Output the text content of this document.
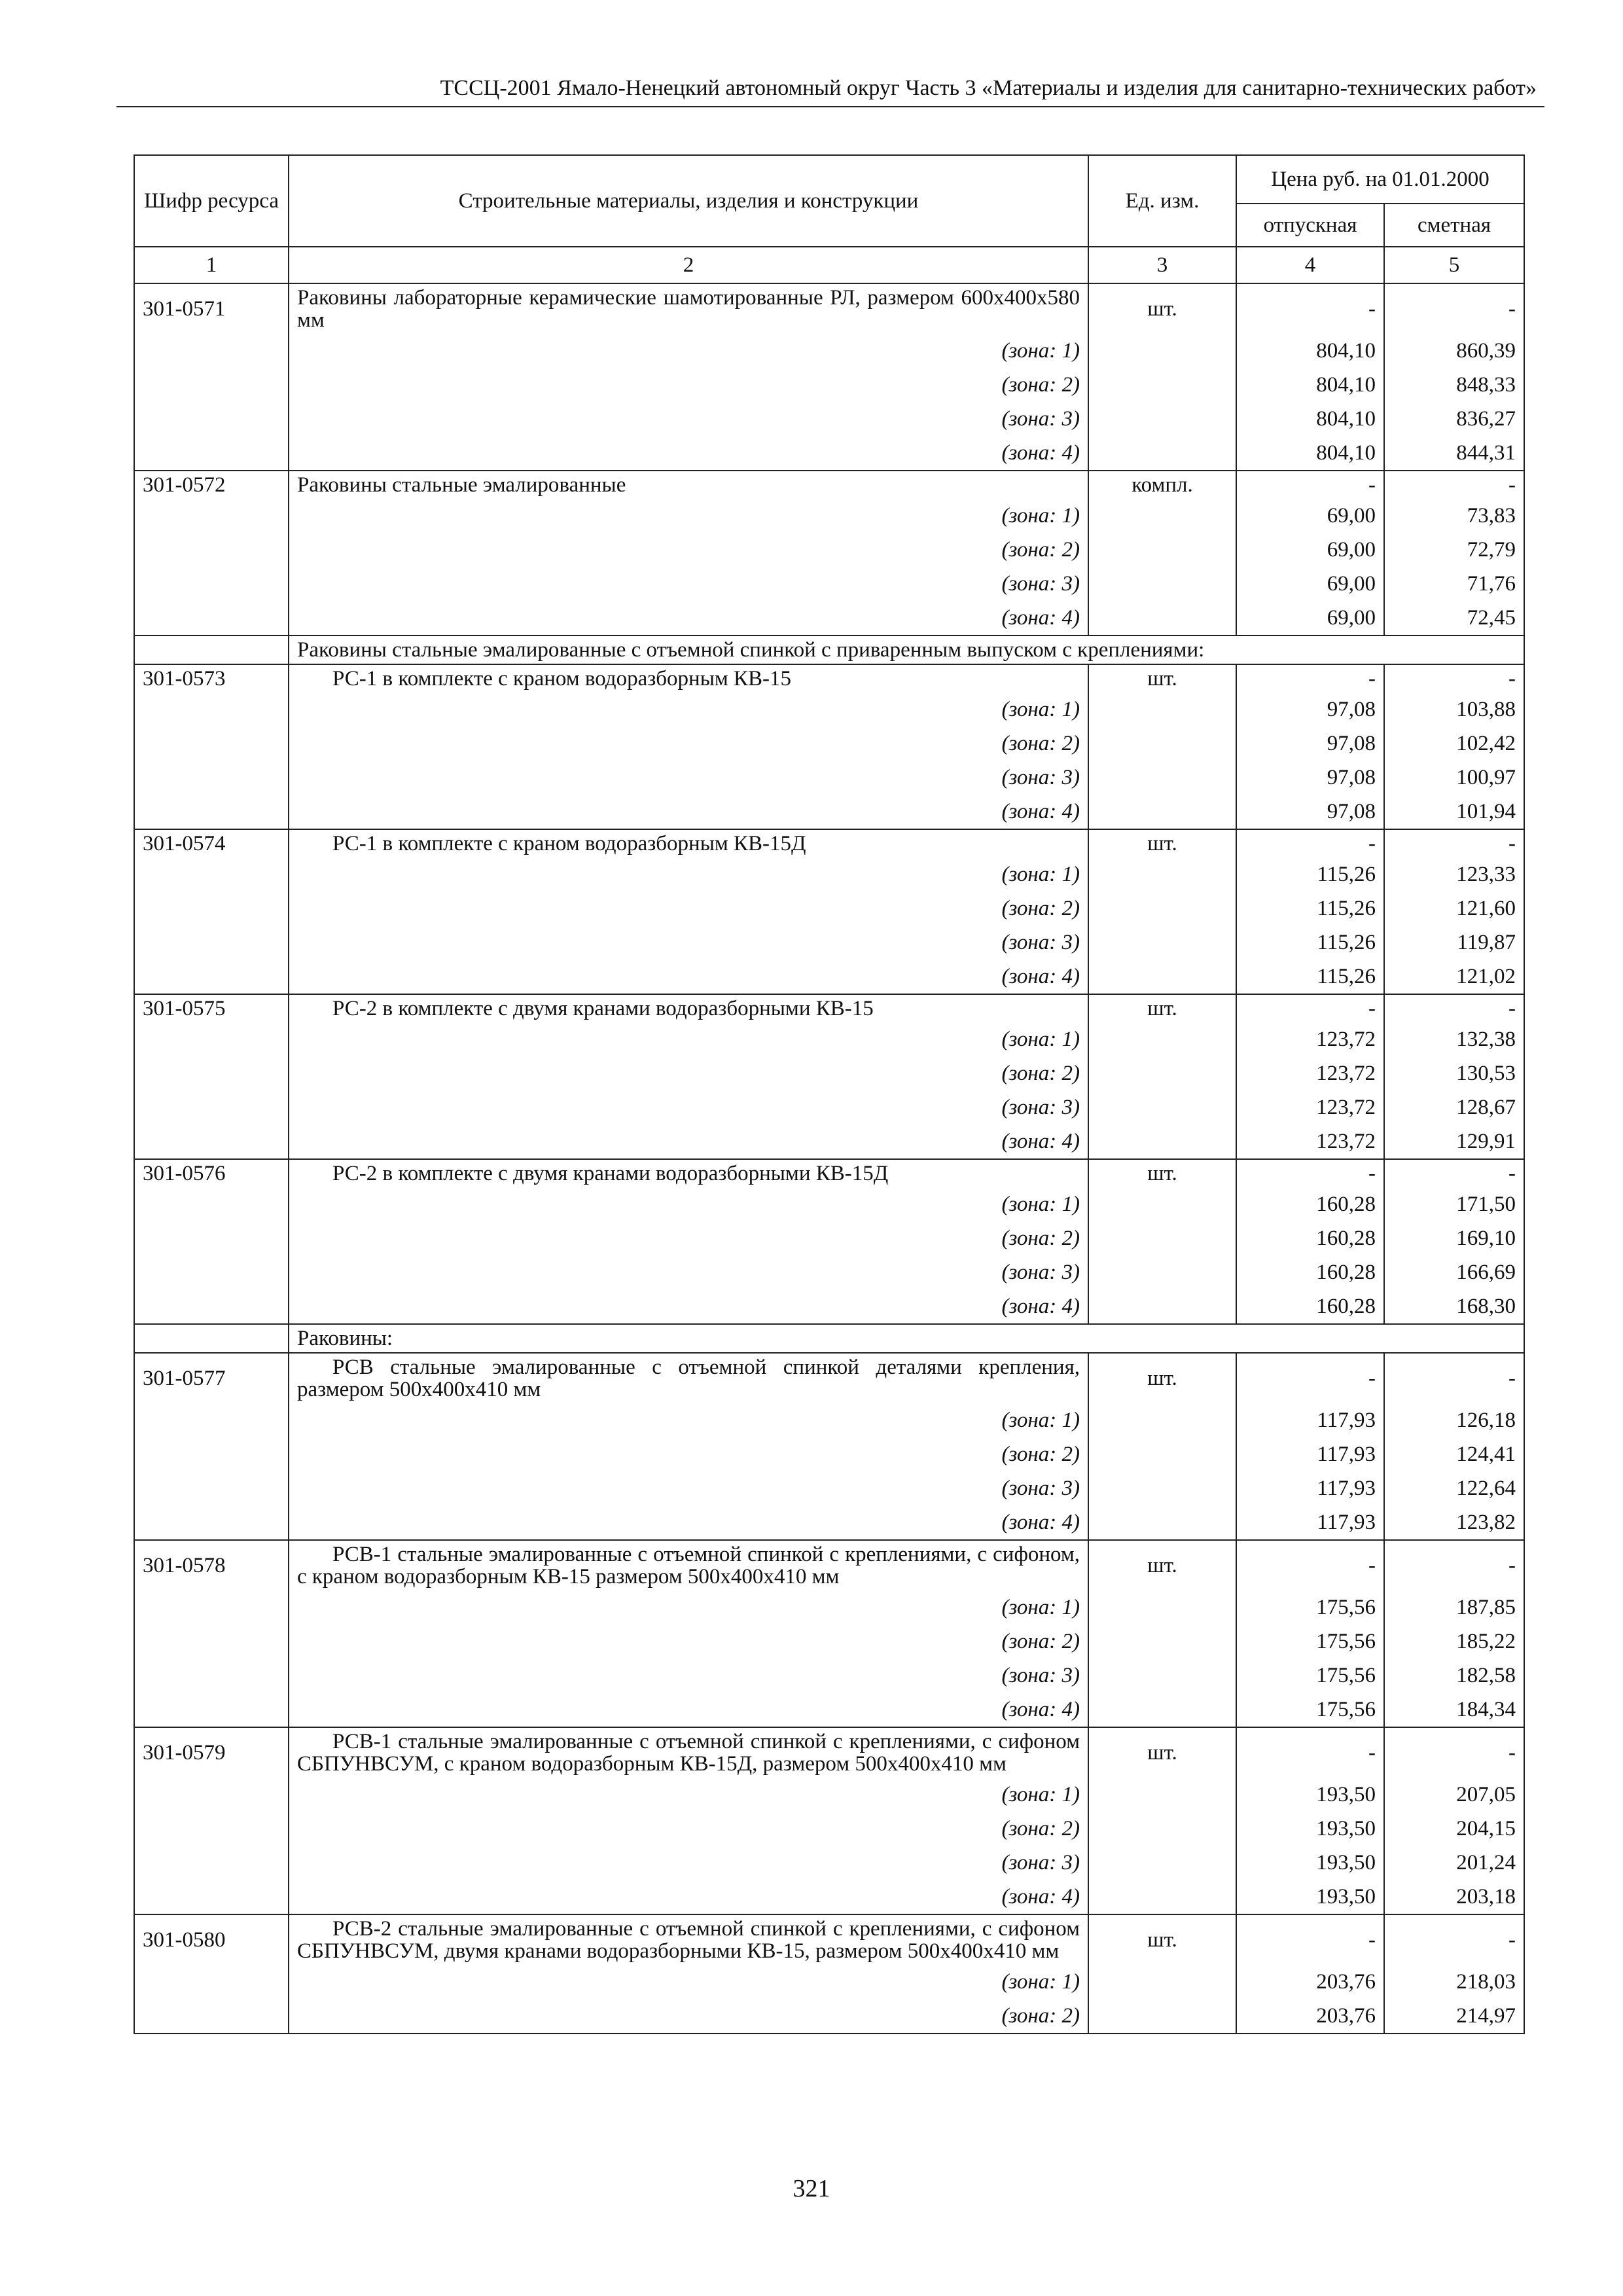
ТССЦ-2001 Ямало-Ненецкий автономный округ Часть 3 «Материалы и изделия для санитарно-технических работ»
Шифр ресурса	Строительные материалы, изделия и конструкции	Ед. изм.	Цена руб. на 01.01.2000	
			отпускная	сметная
1	2	3	4	5
301-0571	Раковины лабораторные керамические шамотированные РЛ, размером 600х400х580 мм	шт.	-	-
	(зона: 1)		804,10	860,39
	(зона: 2)		804,10	848,33
	(зона: 3)		804,10	836,27
	(зона: 4)		804,10	844,31
301-0572	Раковины стальные эмалированные	компл.	-	-
	(зона: 1)		69,00	73,83
	(зона: 2)		69,00	72,79
	(зона: 3)		69,00	71,76
	(зона: 4)		69,00	72,45
	Раковины стальные эмалированные с отъемной спинкой с приваренным выпуском с креплениями:			
301-0573	РС-1 в комплекте с краном водоразборным КВ-15	шт.	-	-
	(зона: 1)		97,08	103,88
	(зона: 2)		97,08	102,42
	(зона: 3)		97,08	100,97
	(зона: 4)		97,08	101,94
301-0574	РС-1 в комплекте с краном водоразборным КВ-15Д	шт.	-	-
	(зона: 1)		115,26	123,33
	(зона: 2)		115,26	121,60
	(зона: 3)		115,26	119,87
	(зона: 4)		115,26	121,02
301-0575	РС-2 в комплекте с двумя кранами водоразборными КВ-15	шт.	-	-
	(зона: 1)		123,72	132,38
	(зона: 2)		123,72	130,53
	(зона: 3)		123,72	128,67
	(зона: 4)		123,72	129,91
301-0576	РС-2 в комплекте с двумя кранами водоразборными КВ-15Д	шт.	-	-
	(зона: 1)		160,28	171,50
	(зона: 2)		160,28	169,10
	(зона: 3)		160,28	166,69
	(зона: 4)		160,28	168,30
	Раковины:			
301-0577	РСВ стальные эмалированные с отъемной спинкой деталями крепления, размером 500х400х410 мм	шт.	-	-
	(зона: 1)		117,93	126,18
	(зона: 2)		117,93	124,41
	(зона: 3)		117,93	122,64
	(зона: 4)		117,93	123,82
301-0578	РСВ-1 стальные эмалированные с отъемной спинкой с креплениями, с сифоном, с краном водоразборным КВ-15 размером 500х400х410 мм	шт.	-	-
	(зона: 1)		175,56	187,85
	(зона: 2)		175,56	185,22
	(зона: 3)		175,56	182,58
	(зона: 4)		175,56	184,34
301-0579	РСВ-1 стальные эмалированные с отъемной спинкой с креплениями, с сифоном СБПУНВСУМ, с краном водоразборным КВ-15Д, размером 500х400х410 мм	шт.	-	-
	(зона: 1)		193,50	207,05
	(зона: 2)		193,50	204,15
	(зона: 3)		193,50	201,24
	(зона: 4)		193,50	203,18
301-0580	РСВ-2 стальные эмалированные с отъемной спинкой с креплениями, с сифоном СБПУНВСУМ, двумя кранами водоразборными КВ-15, размером 500х400х410 мм	шт.	-	-
	(зона: 1)		203,76	218,03
	(зона: 2)		203,76	214,97
321
